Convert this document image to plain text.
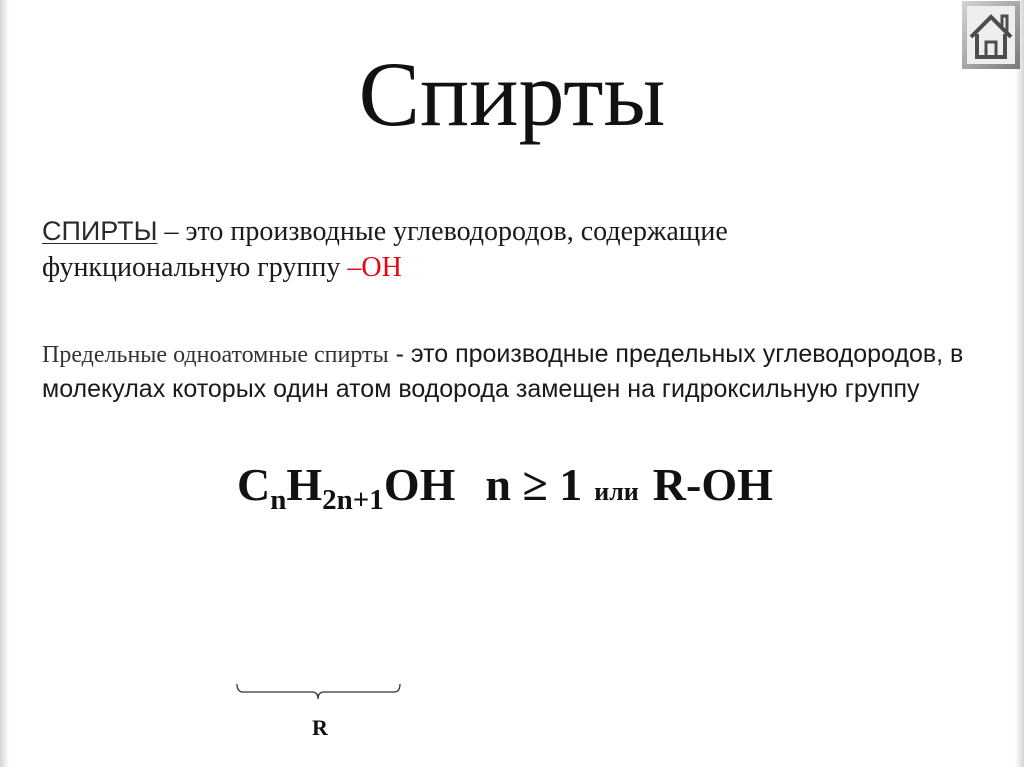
Спирты
СПИРТЫ – это производные углеводородов, содержащие
функциональную группу –ОН
Предельные одноатомные спирты - это производные предельных углеводородов, в
молекулах которых один атом водорода замещен на гидроксильную группу
CnH2n+1OH n ≥ 1 или R-OH
R
